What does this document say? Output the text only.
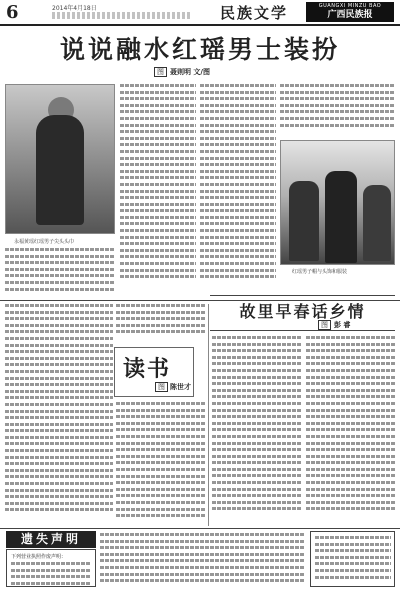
6	2014年4月18日	民族文学	GUANGXI MINZU BAO
广西民族报
说说融水红瑶男士装扮
图 聂则明 文/图
永福黄瑶红瑶男子尖头头巾
红瑶男子帽与头饰和服装
读书
图 陈世才
故里早春话乡情
图 彭 睿
遗失声明
下列营业执照作废声明：
